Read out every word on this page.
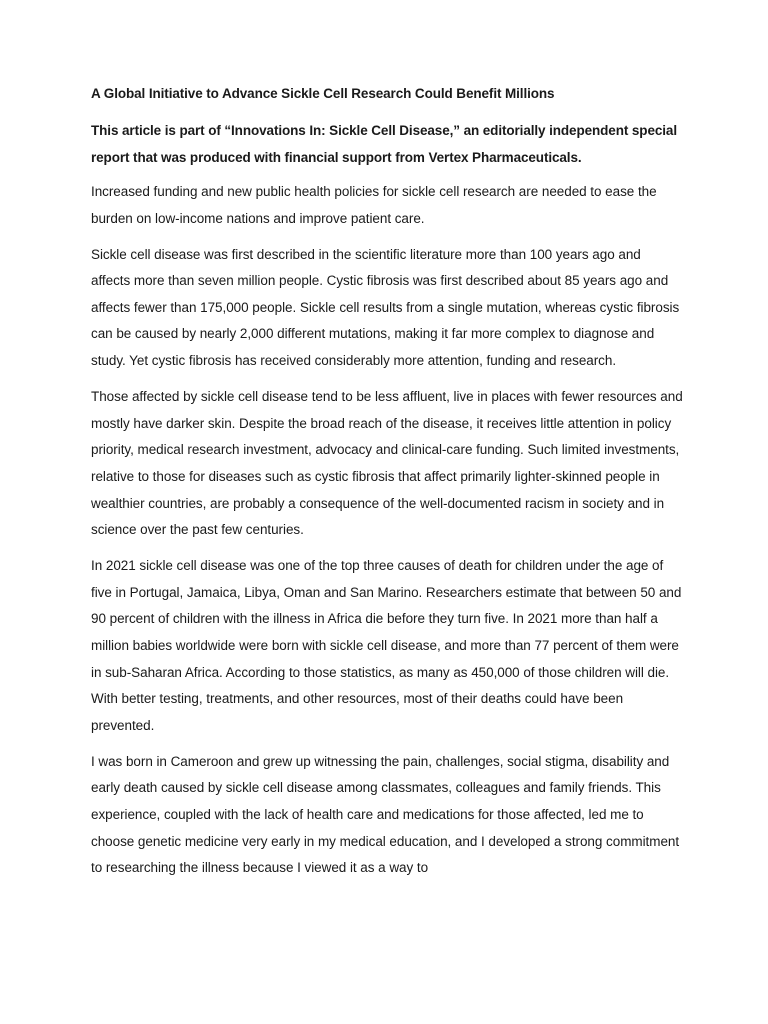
A Global Initiative to Advance Sickle Cell Research Could Benefit Millions

This article is part of “Innovations In: Sickle Cell Disease,” an editorially independent special report that was produced with financial support from Vertex Pharmaceuticals.

Increased funding and new public health policies for sickle cell research are needed to ease the burden on low-income nations and improve patient care.

Sickle cell disease was first described in the scientific literature more than 100 years ago and affects more than seven million people. Cystic fibrosis was first described about 85 years ago and affects fewer than 175,000 people. Sickle cell results from a single mutation, whereas cystic fibrosis can be caused by nearly 2,000 different mutations, making it far more complex to diagnose and study. Yet cystic fibrosis has received considerably more attention, funding and research.

Those affected by sickle cell disease tend to be less affluent, live in places with fewer resources and mostly have darker skin. Despite the broad reach of the disease, it receives little attention in policy priority, medical research investment, advocacy and clinical-care funding. Such limited investments, relative to those for diseases such as cystic fibrosis that affect primarily lighter-skinned people in wealthier countries, are probably a consequence of the well-documented racism in society and in science over the past few centuries.

In 2021 sickle cell disease was one of the top three causes of death for children under the age of five in Portugal, Jamaica, Libya, Oman and San Marino. Researchers estimate that between 50 and 90 percent of children with the illness in Africa die before they turn five. In 2021 more than half a million babies worldwide were born with sickle cell disease, and more than 77 percent of them were in sub-Saharan Africa. According to those statistics, as many as 450,000 of those children will die. With better testing, treatments, and other resources, most of their deaths could have been prevented.

I was born in Cameroon and grew up witnessing the pain, challenges, social stigma, disability and early death caused by sickle cell disease among classmates, colleagues and family friends. This experience, coupled with the lack of health care and medications for those affected, led me to choose genetic medicine very early in my medical education, and I developed a strong commitment to researching the illness because I viewed it as a way to
